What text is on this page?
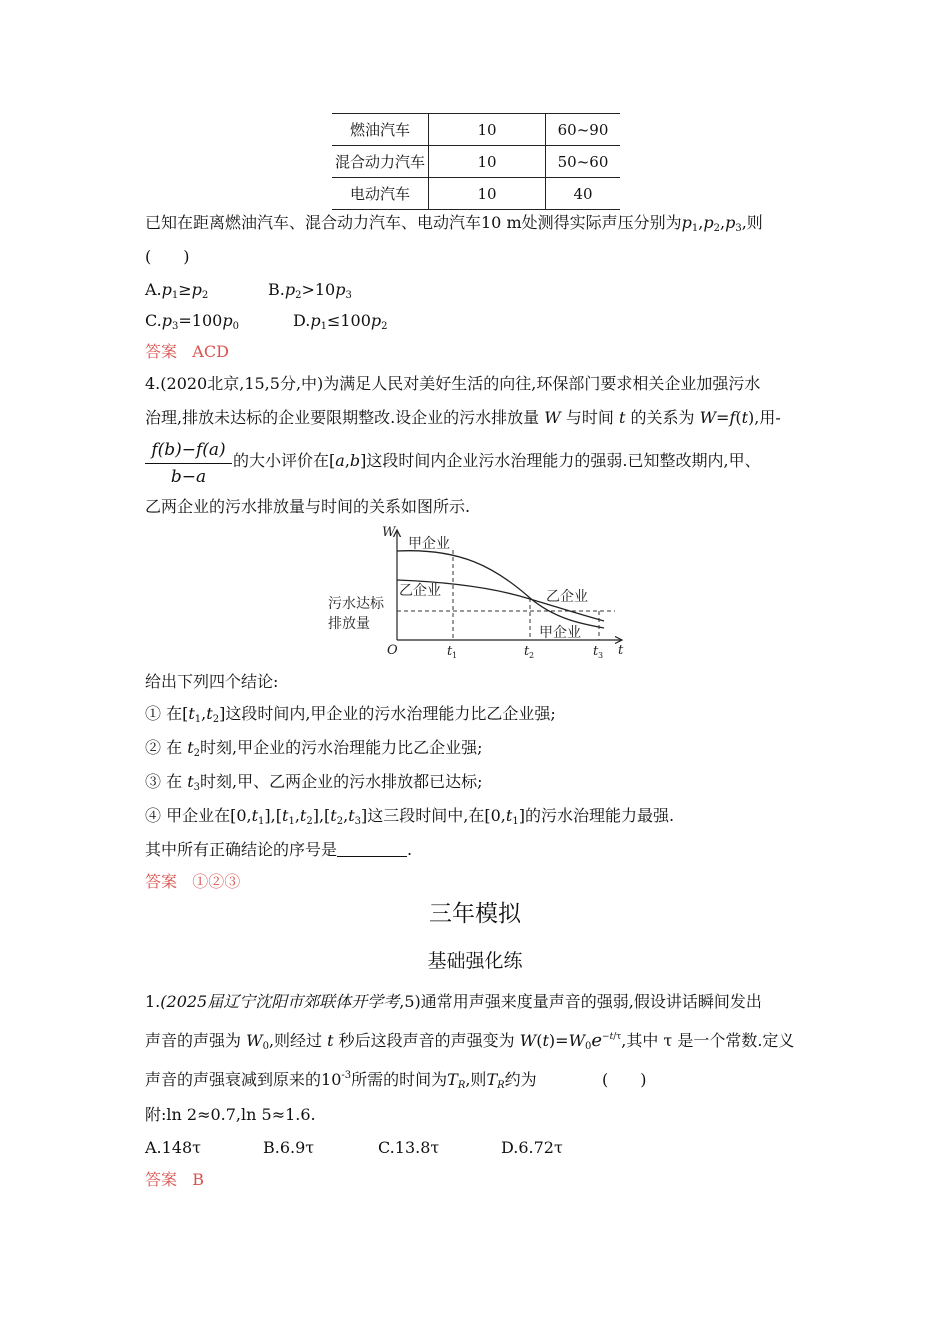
燃油汽车	10	60~90
混合动力汽车	10	50~60
电动汽车	10	40
已知在距离燃油汽车、混合动力汽车、电动汽车10 m处测得实际声压分别为$p_1,p_2,p_3$,则
(　　)
$A.p_1\ge p_2$	$B.p_2>10p_3$
$C.p_3=100p_0$	$D.p_1\le 100p_2$
答案 ACD
4.(2020北京,15,5分,中)为满足人民对美好生活的向往,环保部门要求相关企业加强污水
治理,排放未达标的企业要限期整改.设企业的污水排放量 W 与时间 t 的关系为 W=f(t),用-
f(b)−f(a)
b−a
的大小评价在[a,b]这段时间内企业污水治理能力的强弱.已知整改期内,甲、
乙两企业的污水排放量与时间的关系如图所示.
W
t
O
甲企业
乙企业	乙企业
甲企业
污水达标
排放量
t 1	t 2	t 3
给出下列四个结论:
① 在$[t_1,t_2]$这段时间内,甲企业的污水治理能力比乙企业强;
② 在 $t_2$时刻,甲企业的污水治理能力比乙企业强;
③ 在 $t_3$时刻,甲、乙两企业的污水排放都已达标;
④ 甲企业在$[0,t_1],[t_1,t_2],[t_2,t_3]$这三段时间中,在$[0,t_1]$的污水治理能力最强.
其中所有正确结论的序号是	.
答案 ①②③
三年模拟
基础强化练
1.(2025届辽宁沈阳市郊联体开学考,5)通常用声强来度量声音的强弱,假设讲话瞬间发出
声音的声强为 $W_0$,则经过 t 秒后这段声音的声强变为 $W(t)=W_0e^{-t/\tau}$,其中 τ 是一个常数.定义
声音的声强衰减到原来的$10^{-3}$所需的时间为$T_R$,则$T_R$约为	(　　)
附:ln 2≈0.7,ln 5≈1.6.
A.148τ	B.6.9τ	C.13.8τ	D.6.72τ
答案 B
